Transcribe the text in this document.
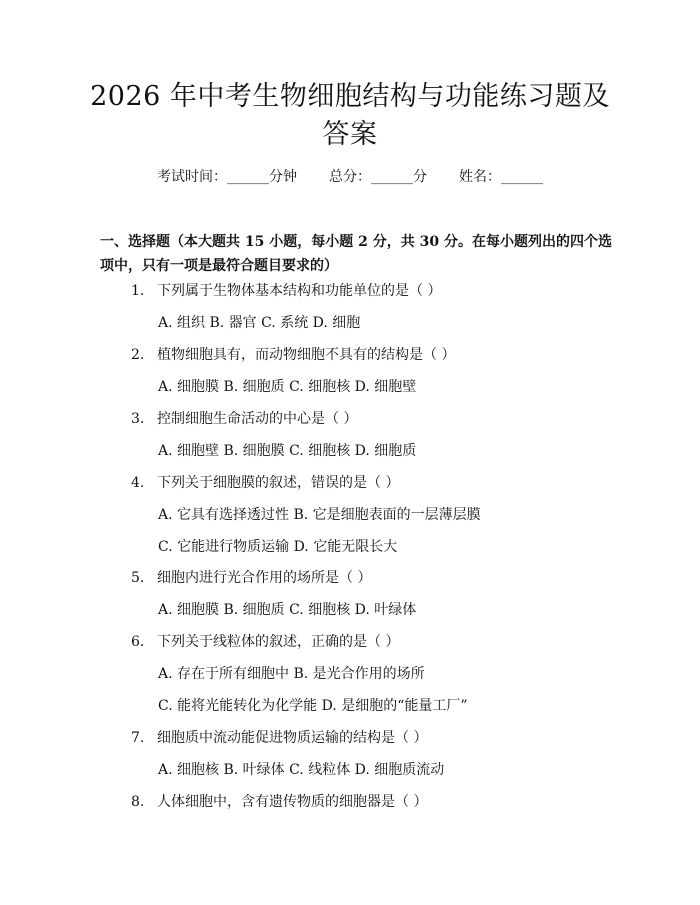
2026 年中考生物细胞结构与功能练习题及答案
考试时间：______分钟 总分：______分 姓名：______
一、选择题（本大题共 15 小题，每小题 2 分，共 30 分。在每小题列出的四个选项中，只有一项是最符合题目要求的）
1. 下列属于生物体基本结构和功能单位的是（ ）
A. 组织 B. 器官 C. 系统 D. 细胞
2. 植物细胞具有，而动物细胞不具有的结构是（ ）
A. 细胞膜 B. 细胞质 C. 细胞核 D. 细胞壁
3. 控制细胞生命活动的中心是（ ）
A. 细胞壁 B. 细胞膜 C. 细胞核 D. 细胞质
4. 下列关于细胞膜的叙述，错误的是（ ）
A. 它具有选择透过性 B. 它是细胞表面的一层薄层膜
C. 它能进行物质运输 D. 它能无限长大
5. 细胞内进行光合作用的场所是（ ）
A. 细胞膜 B. 细胞质 C. 细胞核 D. 叶绿体
6. 下列关于线粒体的叙述，正确的是（ ）
A. 存在于所有细胞中 B. 是光合作用的场所
C. 能将光能转化为化学能 D. 是细胞的“能量工厂”
7. 细胞质中流动能促进物质运输的结构是（ ）
A. 细胞核 B. 叶绿体 C. 线粒体 D. 细胞质流动
8. 人体细胞中，含有遗传物质的细胞器是（ ）
